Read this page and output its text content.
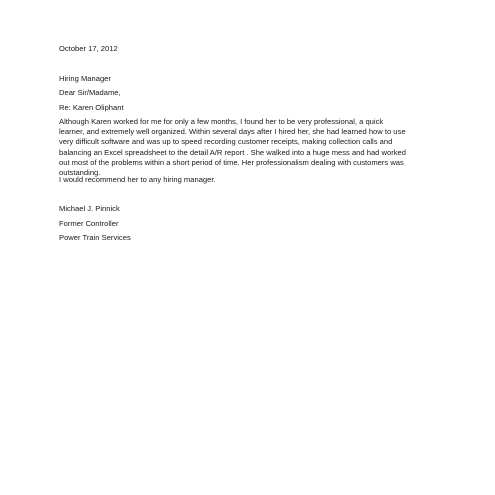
October 17, 2012
Hiring Manager
Dear Sir/Madame,
Re: Karen Oliphant
Although Karen worked for me for only a few months, I found her to be very professional, a quick
learner, and extremely well organized. Within several days after I hired her, she had learned how to use
very difficult software and was up to speed recording customer receipts, making collection calls and
balancing an Excel spreadsheet to the detail A/R report . She walked into a huge mess and had worked
out most of the problems within a short period of time. Her professionalism dealing with customers was
outstanding.
I would recommend her to any hiring manager.
Michael J. Pinnick
Former Controller
Power Train Services
